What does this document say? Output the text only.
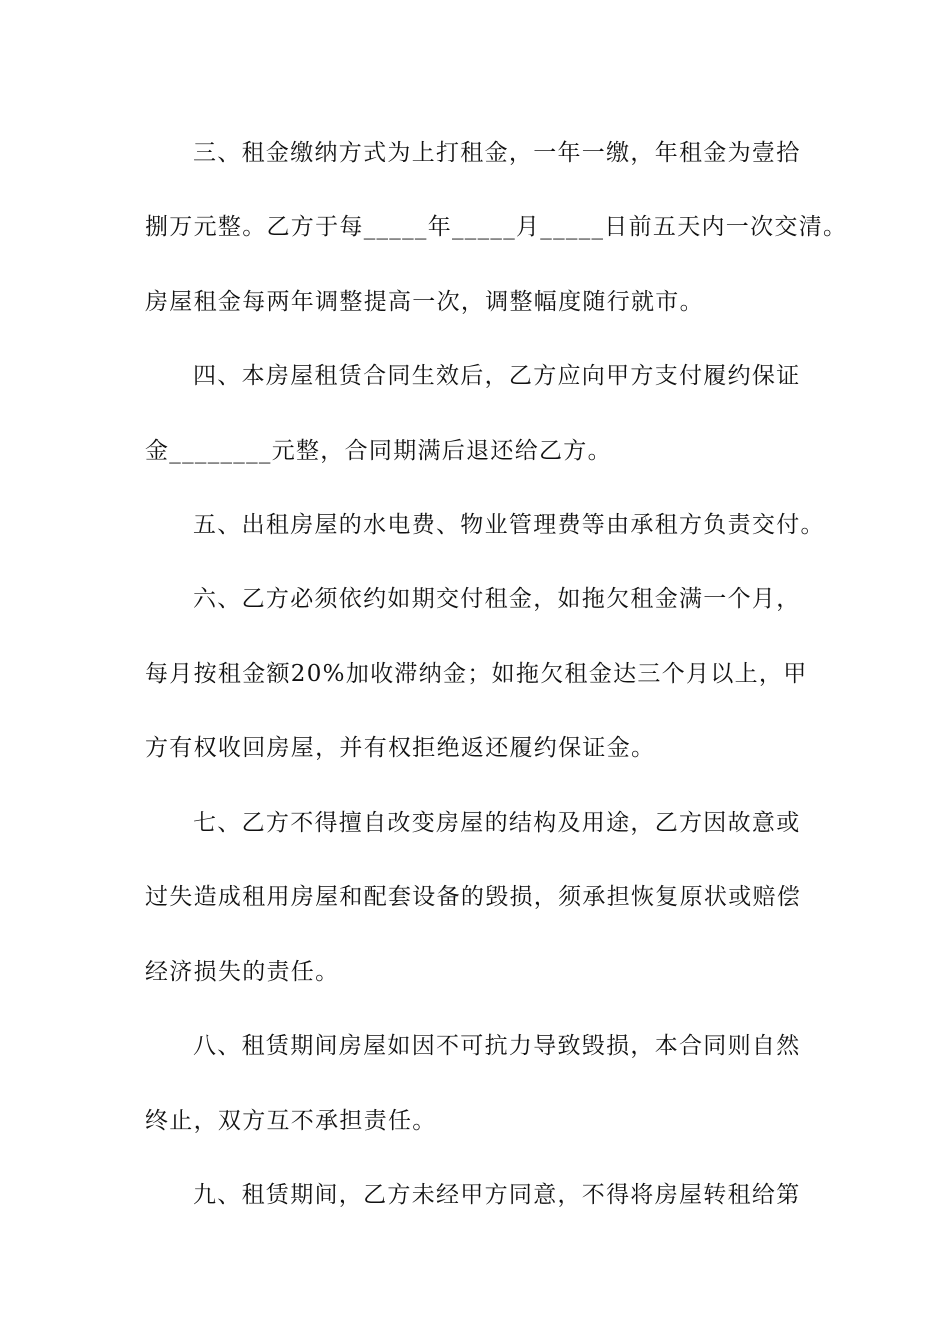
三、租金缴纳方式为上打租金，一年一缴，年租金为壹拾
捌万元整。乙方于每_____年_____月_____日前五天内一次交清。
房屋租金每两年调整提高一次，调整幅度随行就市。
四、本房屋租赁合同生效后，乙方应向甲方支付履约保证
金________元整，合同期满后退还给乙方。
五、出租房屋的水电费、物业管理费等由承租方负责交付。
六、乙方必须依约如期交付租金，如拖欠租金满一个月，
每月按租金额20%加收滞纳金；如拖欠租金达三个月以上，甲
方有权收回房屋，并有权拒绝返还履约保证金。
七、乙方不得擅自改变房屋的结构及用途，乙方因故意或
过失造成租用房屋和配套设备的毁损，须承担恢复原状或赔偿
经济损失的责任。
八、租赁期间房屋如因不可抗力导致毁损，本合同则自然
终止，双方互不承担责任。
九、租赁期间，乙方未经甲方同意，不得将房屋转租给第
